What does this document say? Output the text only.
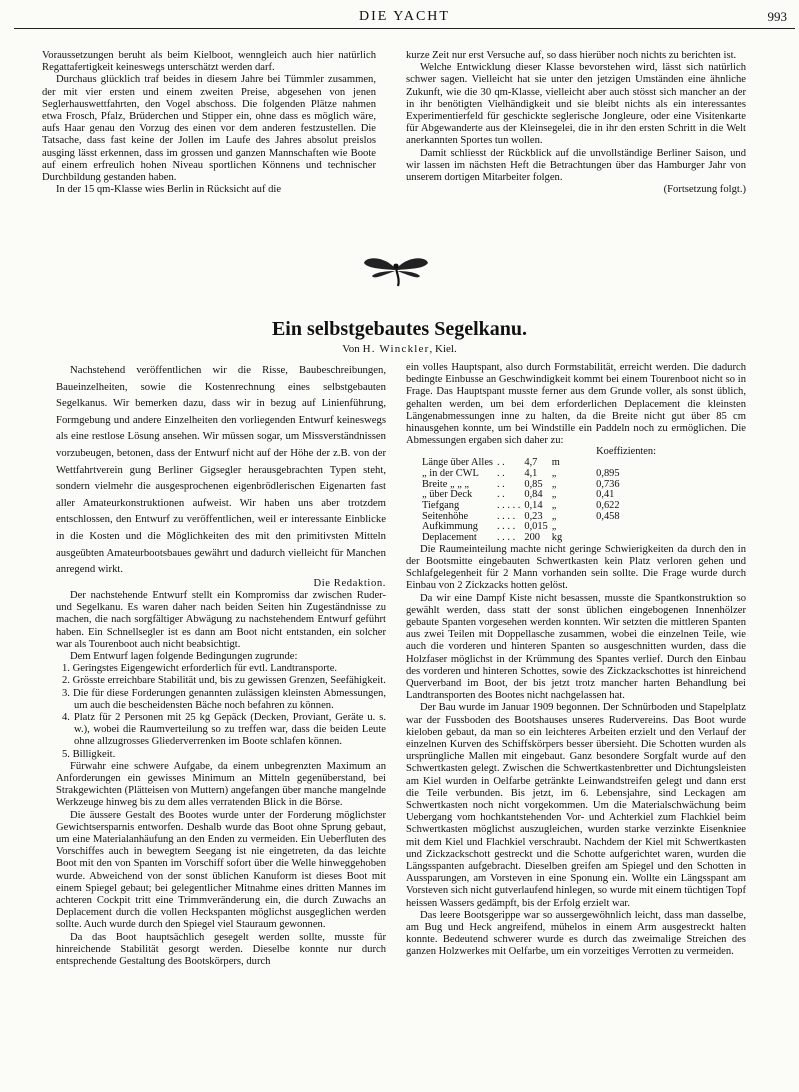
DIE YACHT	993

Voraussetzungen beruht als beim Kielboot, wenngleich auch hier natürlich Regattafertigkeit keineswegs unterschätzt werden darf.

Durchaus glücklich traf beides in diesem Jahre bei Tümmler zusammen, der mit vier ersten und einem zweiten Preise, abgesehen von jenen Seglerhauswettfahrten, den Vogel abschoss. Die folgenden Plätze nahmen etwa Frosch, Pfalz, Brüderchen und Stipper ein, ohne dass es möglich wäre, aufs Haar genau den Vorzug des einen vor dem anderen festzustellen. Die Tatsache, dass fast keine der Jollen im Laufe des Jahres absolut preislos ausging lässt erkennen, dass im grossen und ganzen Mannschaften wie Boote auf einem erfreulich hohen Niveau sportlichen Könnens und technischer Durchbildung gestanden haben.

In der 15 qm-Klasse wies Berlin in Rücksicht auf die

kurze Zeit nur erst Versuche auf, so dass hierüber noch nichts zu berichten ist.

Welche Entwicklung dieser Klasse bevorstehen wird, lässt sich natürlich schwer sagen. Vielleicht hat sie unter den jetzigen Umständen eine ähnliche Zukunft, wie die 30 qm-Klasse, vielleicht aber auch stösst sich mancher an der in ihr benötigten Vielhändigkeit und sie bleibt nichts als ein interessantes Experimentierfeld für geschickte seglerische Jongleure, oder eine Visitenkarte für Abgewanderte aus der Kleinsegelei, die in ihr den ersten Schritt in die Welt anerkannten Sportes tun wollen.

Damit schliesst der Rückblick auf die unvollständige Berliner Saison, und wir lassen im nächsten Heft die Betrachtungen über das Hamburger Jahr von unserem dortigen Mitarbeiter folgen.

(Fortsetzung folgt.)

Ein selbstgebautes Segelkanu.
Von H. Winckler, Kiel.

Nachstehend veröffentlichen wir die Risse, Baubeschreibungen, Baueinzelheiten, sowie die Kostenrechnung eines selbstgebauten Segelkanus. Wir bemerken dazu, dass wir in bezug auf Linienführung, Formgebung und andere Einzelheiten den vorliegenden Entwurf keineswegs als eine restlose Lösung ansehen. Wir müssen sogar, um Missverständnissen vorzubeugen, betonen, dass der Entwurf nicht auf der Höhe der z.B. von der Wettfahrtverein gung Berliner Gigsegler herausgebrachten Typen steht, sondern vielmehr die ausgesprochenen eigenbrödlerischen Eigenarten fast aller Amateurkonstruktionen aufweist. Wir haben uns aber trotzdem entschlossen, den Entwurf zu veröffentlichen, weil er interessante Einblicke in die Kosten und die Möglichkeiten des mit den primitivsten Mitteln ausgeübten Amateurbootsbaues gewährt und dadurch vielleicht für Manchen anregend wirkt.

Die Redaktion.

Der nachstehende Entwurf stellt ein Kompromiss dar zwischen Ruder- und Segelkanu. Es waren daher nach beiden Seiten hin Zugeständnisse zu machen, die nach sorgfältiger Abwägung zu nachstehendem Entwurf geführt haben. Ein Schnellsegler ist es dann am Boot nicht entstanden, ein solcher war als Tourenboot auch nicht beabsichtigt.

Dem Entwurf lagen folgende Bedingungen zugrunde:

1. Geringstes Eigengewicht erforderlich für evtl. Landtransporte.
2. Grösste erreichbare Stabilität und, bis zu gewissen Grenzen, Seefähigkeit.
3. Die für diese Forderungen genannten zulässigen kleinsten Abmessungen, um auch die bescheidensten Bäche noch befahren zu können.
4. Platz für 2 Personen mit 25 kg Gepäck (Decken, Proviant, Geräte u. s. w.), wobei die Raumverteilung so zu treffen war, dass die beiden Leute ohne allzugrosses Gliederverrenken im Boote schlafen können.
5. Billigkeit.

Fürwahr eine schwere Aufgabe, da einem unbegrenzten Maximum an Anforderungen ein gewisses Minimum an Mitteln gegenüberstand, bei Strakgewichten (Plätteisen von Muttern) angefangen über manche mangelnde Werkzeuge hinweg bis zu dem alles verratenden Blick in die Börse.

Die äussere Gestalt des Bootes wurde unter der Forderung möglichster Gewichtsersparnis entworfen. Deshalb wurde das Boot ohne Sprung gebaut, um eine Materialanhäufung an den Enden zu vermeiden. Ein Ueberfluten des Vorschiffes auch in bewegtem Seegang ist nie eingetreten, da das leichte Boot mit den von Spanten im Vorschiff sofort über die Welle hinweggehoben wurde. Abweichend von der sonst üblichen Kanuform ist dieses Boot mit einem Spiegel gebaut; bei gelegentlicher Mitnahme eines dritten Mannes im achteren Cockpit tritt eine Trimmveränderung ein, die durch Zuwachs an Deplacement durch die vollen Heckspanten möglichst ausgeglichen werden sollte. Auch wurde durch den Spiegel viel Stauraum gewonnen.

Da das Boot hauptsächlich gesegelt werden sollte, musste für hinreichende Stabilität gesorgt werden. Dieselbe konnte nur durch entsprechende Gestaltung des Bootskörpers, durch

ein volles Hauptspant, also durch Formstabilität, erreicht werden. Die dadurch bedingte Einbusse an Geschwindigkeit kommt bei einem Tourenboot nicht so in Frage. Das Hauptspant musste ferner aus dem Grunde voller, als sonst üblich, gehalten werden, um bei dem erforderlichen Deplacement die kleinsten Längenabmessungen inne zu halten, da die Breite nicht gut über 85 cm hinausgehen konnte, um bei Windstille ein Paddeln noch zu ermöglichen. Die Abmessungen ergaben sich daher zu:

				Koeffizienten:
Länge über Alles	. .	4,7	m	
„ in der CWL	. .	4,1	„	0,895
Breite „ „ „	. .	0,85	„	0,736
„ über Deck	. .	0,84	„	0,41
Tiefgang	. . . . .	0,14	„	0,622
Seitenhöhe	. . . .	0,23	„	0,458
Aufkimmung	. . . .	0,015	„	
Deplacement	. . . .	200	kg	

Die Raumeinteilung machte nicht geringe Schwierigkeiten da durch den in der Bootsmitte eingebauten Schwertkasten kein Platz verloren gehen und Schlafgelegenheit für 2 Mann vorhanden sein sollte. Die Frage wurde durch Einbau von 2 Zickzacks hotten gelöst.

Da wir eine Dampf Kiste nicht besassen, musste die Spantkonstruktion so gewählt werden, dass statt der sonst üblichen eingebogenen Innenhölzer gebaute Spanten vorgesehen werden konnten. Wir setzten die mittleren Spanten aus zwei Teilen mit Doppellasche zusammen, wobei die einzelnen Teile, wie auch die vorderen und hinteren Spanten so ausgeschnitten wurden, dass die Holzfaser möglichst in der Krümmung des Spantes verlief. Durch den Einbau des vorderen und hinteren Schottes, sowie des Zickzackschottes ist hinreichend Querverband im Boot, der bis jetzt trotz mancher harten Behandlung bei Landtransporten des Bootes nicht nachgelassen hat.

Der Bau wurde im Januar 1909 begonnen. Der Schnürboden und Stapelplatz war der Fussboden des Bootshauses unseres Rudervereins. Das Boot wurde kieloben gebaut, da man so ein leichteres Arbeiten erzielt und den Verlauf der einzelnen Kurven des Schiffskörpers besser übersieht. Die Schotten wurden als ursprüngliche Mallen mit eingebaut. Ganz besondere Sorgfalt wurde auf den Schwertkasten gelegt. Zwischen die Schwertkastenbretter und Dichtungsleisten am Kiel wurden in Oelfarbe getränkte Leinwandstreifen gelegt und dann erst die Teile verbunden. Bis jetzt, im 6. Lebensjahre, sind Leckagen am Schwertkasten noch nicht vorgekommen. Um die Materialschwächung beim Uebergang vom hochkantstehenden Vor- und Achterkiel zum Flachkiel beim Schwertkasten möglichst auszugleichen, wurden starke verzinkte Eisenkniee mit dem Kiel und Flachkiel verschraubt. Nachdem der Kiel mit Schwertkasten und Zickzackschott gestreckt und die Schotte aufgerichtet waren, wurden die Längsspanten aufgebracht. Dieselben greifen am Spiegel und den Schotten in Aussparungen, am Vorsteven in eine Sponung ein. Wollte ein Längsspant am Vorsteven sich nicht gutverlaufend hinlegen, so wurde mit einem tüchtigen Topf heissen Wassers gedämpft, bis der Erfolg erzielt war.

Das leere Bootsgerippe war so aussergewöhnlich leicht, dass man dasselbe, am Bug und Heck angreifend, mühelos in einem Arm ausgestreckt halten konnte. Bedeutend schwerer wurde es durch das zweimalige Streichen des ganzen Holzwerkes mit Oelfarbe, um ein vorzeitiges Verrotten zu vermeiden.
